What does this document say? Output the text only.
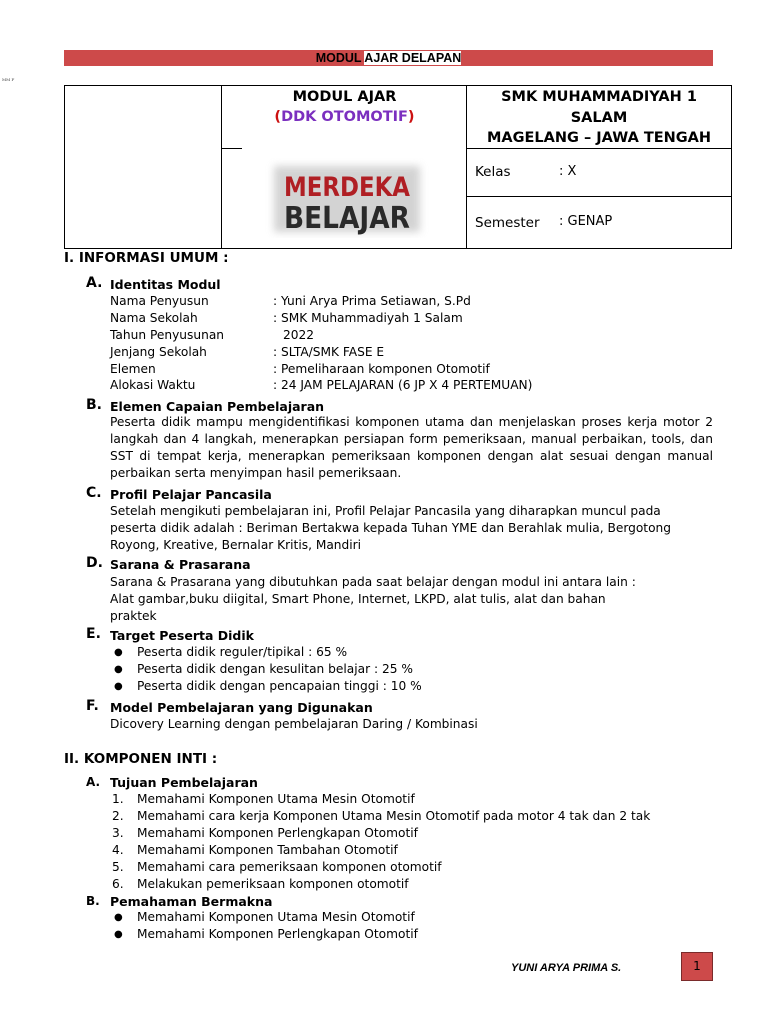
MODUL AJAR DELAPAN
MM F
MODUL AJAR
(DDK OTOMOTIF)
MERDEKA
BELAJAR
SMK MUHAMMADIYAH 1
SALAM
MAGELANG – JAWA TENGAH
Kelas	: X
Semester : GENAP
I. INFORMASI UMUM :
A. Identitas Modul
Nama Penyusun	: Yuni Arya Prima Setiawan, S.Pd
Nama Sekolah	: SMK Muhammadiyah 1 Salam
Tahun Penyusunan	2022
Jenjang Sekolah	: SLTA/SMK FASE E
Elemen	: Pemeliharaan komponen Otomotif
Alokasi Waktu	: 24 JAM PELAJARAN (6 JP X 4 PERTEMUAN)
B. Elemen Capaian Pembelajaran
Peserta didik mampu mengidentifikasi komponen utama dan menjelaskan proses kerja motor 2 langkah dan 4 langkah, menerapkan persiapan form pemeriksaan, manual perbaikan, tools, dan SST di tempat kerja, menerapkan pemeriksaan komponen dengan alat sesuai dengan manual perbaikan serta menyimpan hasil pemeriksaan.
C. Profil Pelajar Pancasila
Setelah mengikuti pembelajaran ini, Profil Pelajar Pancasila yang diharapkan muncul pada
peserta didik adalah : Beriman Bertakwa kepada Tuhan YME dan Berahlak mulia, Bergotong
Royong, Kreative, Bernalar Kritis, Mandiri
D. Sarana & Prasarana
Sarana & Prasarana yang dibutuhkan pada saat belajar dengan modul ini antara lain :
Alat gambar,buku diigital, Smart Phone, Internet, LKPD, alat tulis, alat dan bahan
praktek
E. Target Peserta Didik
● Peserta didik reguler/tipikal : 65 %
● Peserta didik dengan kesulitan belajar : 25 %
● Peserta didik dengan pencapaian tinggi : 10 %
F. Model Pembelajaran yang Digunakan
Dicovery Learning dengan pembelajaran Daring / Kombinasi
II. KOMPONEN INTI :
A. Tujuan Pembelajaran
1. Memahami Komponen Utama Mesin Otomotif
2. Memahami cara kerja Komponen Utama Mesin Otomotif pada motor 4 tak dan 2 tak
3. Memahami Komponen Perlengkapan Otomotif
4. Memahami Komponen Tambahan Otomotif
5. Memahami cara pemeriksaan komponen otomotif
6. Melakukan pemeriksaan komponen otomotif
B. Pemahaman Bermakna
● Memahami Komponen Utama Mesin Otomotif
● Memahami Komponen Perlengkapan Otomotif
YUNI ARYA PRIMA S.	1
